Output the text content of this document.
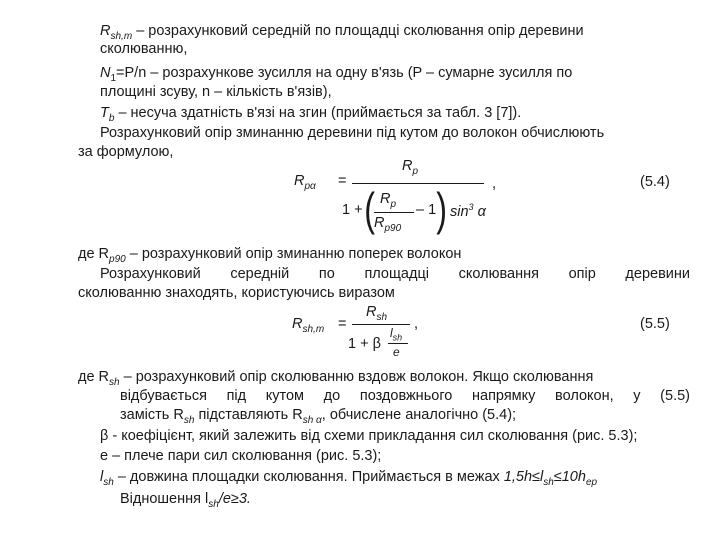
$R_{sh,m}$ – розрахунковий середній по площадці сколювання опір деревини
сколюванню,
$N_1=P/n$ – розрахункове зусилля на одну в'язь (P – сумарне зусилля по
площині зсуву, n – кількість в'язів),
$T_b$ – несуча здатність в'язі на згин (приймається за табл. 3 [7]).
Розрахунковий опір зминанню деревини під кутом до волокон обчислюють
за формулою,
$R_{p\alpha}$ =
$R_p$
1 + ( $R_p$
$R_{p90}$
– 1 ) $\sin^3 \alpha$
,	(5.4)
де $R_{p90}$ – розрахунковий опір зминанню поперек волокон
Розрахунковий середній по площадці сколювання опір деревини
сколюванню знаходять, користуючись виразом
$R_{sh,m}$ =
$R_{sh}$
1 + β
$l_{sh}$
e
,	(5.5)
де $R_{sh}$ – розрахунковий опір сколюванню вздовж волокон. Якщо сколювання
відбувається під кутом до поздовжнього напрямку волокон, у (5.5)
замість $R_{sh}$ підставляють $R_{sh \alpha}$, обчислене аналогічно (5.4);
β - коефіцієнт, який залежить від схеми прикладання сил сколювання (рис. 5.3);
e – плече пари сил сколювання (рис. 5.3);
$l_{sh}$ – довжина площадки сколювання. Приймається в межах $1,5h\le l_{sh}\le 10h_{ep}$
Відношення $l_{sh}/e\ge 3$.
